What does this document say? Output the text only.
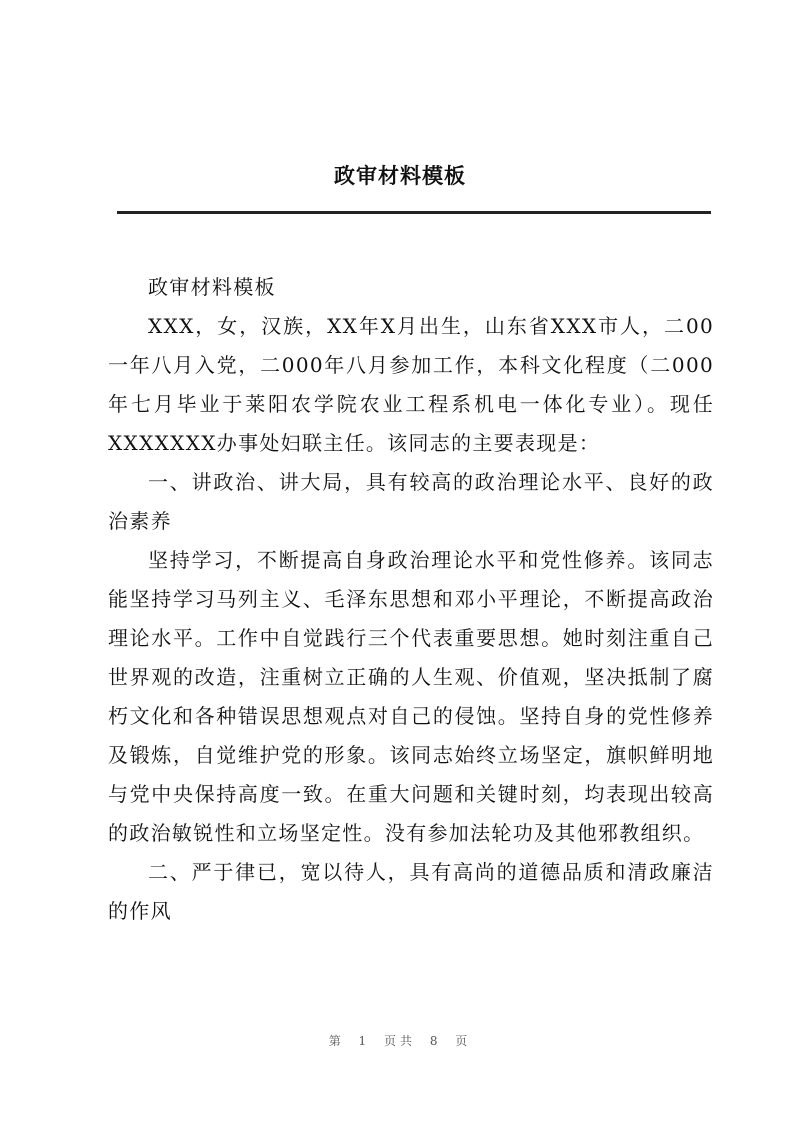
政审材料模板

政审材料模板

XXX，女，汉族，XX年X月出生，山东省XXX市人，二00一年八月入党，二000年八月参加工作，本科文化程度（二000年七月毕业于莱阳农学院农业工程系机电一体化专业）。现任XXXXXXX办事处妇联主任。该同志的主要表现是：

一、讲政治、讲大局，具有较高的政治理论水平、良好的政治素养

坚持学习，不断提高自身政治理论水平和党性修养。该同志能坚持学习马列主义、毛泽东思想和邓小平理论，不断提高政治理论水平。工作中自觉践行三个代表重要思想。她时刻注重自己世界观的改造，注重树立正确的人生观、价值观，坚决抵制了腐朽文化和各种错误思想观点对自己的侵蚀。坚持自身的党性修养及锻炼，自觉维护党的形象。该同志始终立场坚定，旗帜鲜明地与党中央保持高度一致。在重大问题和关键时刻，均表现出较高的政治敏锐性和立场坚定性。没有参加法轮功及其他邪教组织。

二、严于律已，宽以待人，具有高尚的道德品质和清政廉洁的作风

第 1 页共 8 页
